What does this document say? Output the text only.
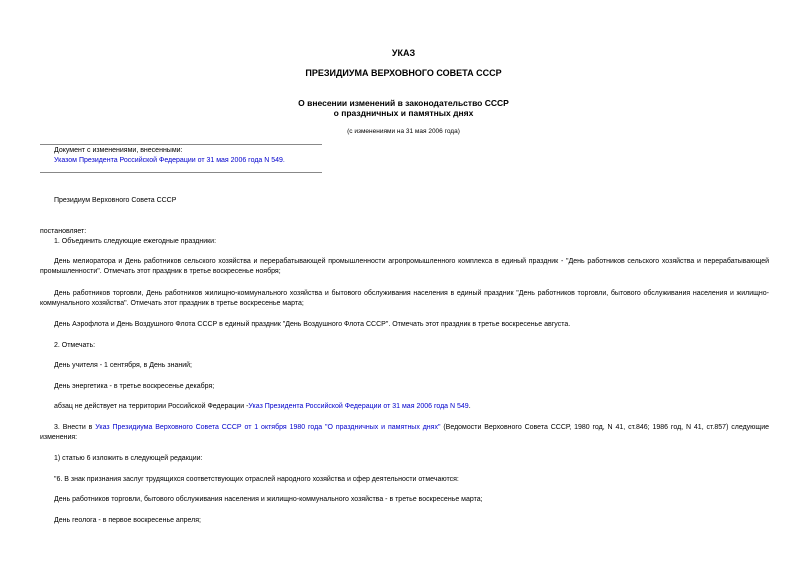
УКАЗ
ПРЕЗИДИУМА ВЕРХОВНОГО СОВЕТА СССР
О внесении изменений в законодательство СССР
о праздничных и памятных днях
(с изменениями на 31 мая 2006 года)
Документ с изменениями, внесенными:
Указом Президента Российской Федерации от 31 мая 2006 года N 549.
Президиум Верховного Совета СССР
постановляет:
1. Объединить следующие ежегодные праздники:
День мелиоратора и День работников сельского хозяйства и перерабатывающей промышленности агропромышленного комплекса в единый праздник - "День работников сельского хозяйства и перерабатывающей промышленности". Отмечать этот праздник в третье воскресенье ноября;
День работников торговли, День работников жилищно-коммунального хозяйства и бытового обслуживания населения в единый праздник "День работников торговли, бытового обслуживания населения и жилищно-коммунального хозяйства". Отмечать этот праздник в третье воскресенье марта;
День Аэрофлота и День Воздушного Флота СССР в единый праздник "День Воздушного Флота СССР". Отмечать этот праздник в третье воскресенье августа.
2. Отмечать:
День учителя - 1 сентября, в День знаний;
День энергетика - в третье воскресенье декабря;
абзац не действует на территории Российской Федерации -Указ Президента Российской Федерации от 31 мая 2006 года N 549.
3. Внести в Указ Президиума Верховного Совета СССР от 1 октября 1980 года "О праздничных и памятных днях" (Ведомости Верховного Совета СССР, 1980 год, N 41, ст.846; 1986 год, N 41, ст.857) следующие изменения:
1) статью 6 изложить в следующей редакции:
"6. В знак признания заслуг трудящихся соответствующих отраслей народного хозяйства и сфер деятельности отмечаются:
День работников торговли, бытового обслуживания населения и жилищно-коммунального хозяйства - в третье воскресенье марта;
День геолога - в первое воскресенье апреля;
